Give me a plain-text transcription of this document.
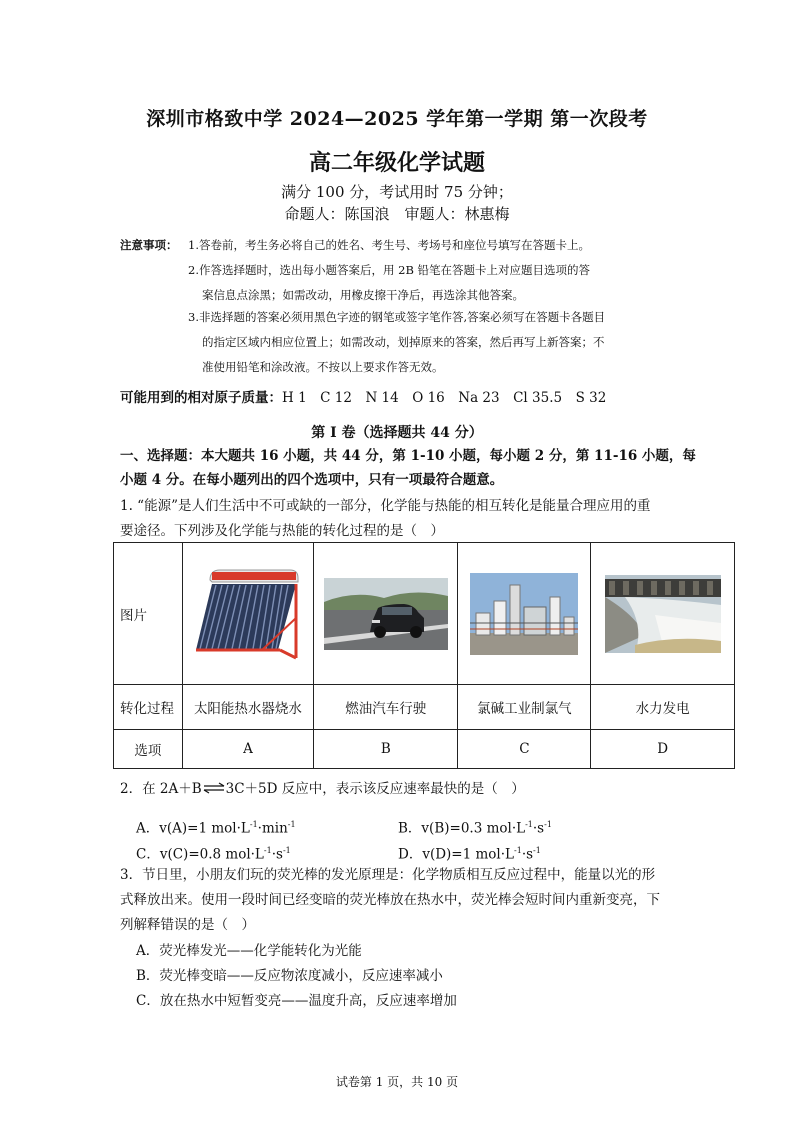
深圳市格致中学 2024—2025 学年第一学期 第一次段考
高二年级化学试题
满分 100 分，考试用时 75 分钟；
命题人：陈国浪　审题人：林惠梅
注意事项： 1.答卷前，考生务必将自己的姓名、考生号、考场号和座位号填写在答题卡上。
2.作答选择题时，选出每小题答案后，用 2B 铅笔在答题卡上对应题目选项的答
案信息点涂黑；如需改动，用橡皮擦干净后，再选涂其他答案。
3.非选择题的答案必须用黑色字迹的钢笔或签字笔作答,答案必须写在答题卡各题目
的指定区域内相应位置上；如需改动，划掉原来的答案，然后再写上新答案；不
准使用铅笔和涂改液。不按以上要求作答无效。
可能用到的相对原子质量：H 1　C 12　N 14　O 16　Na 23　Cl 35.5　S 32
第 I 卷（选择题共 44 分）
一、选择题：本大题共 16 小题，共 44 分，第 1-10 小题，每小题 2 分，第 11-16 小题，每
小题 4 分。在每小题列出的四个选项中，只有一项最符合题意。
1. “能源”是人们生活中不可或缺的一部分，化学能与热能的相互转化是能量合理应用的重
要途径。下列涉及化学能与热能的转化过程的是（　）
图片	

转化过程	太阳能热水器烧水	燃油汽车行驶	氯碱工业制氯气	水力发电
选项	A	B	C	D
2．在 2A＋B⇌3C＋5D 反应中，表示该反应速率最快的是（　）
A．v(A)=1 $mol\cdot L^{-1}\cdot\min^{-1}$	B．v(B)=0.3 $mol\cdot L^{-1}\cdot s^{-1}$
C．v(C)=0.8 $mol\cdot L^{-1}\cdot s^{-1}$	D．v(D)=1 $mol\cdot L^{-1}\cdot s^{-1}$
3．节日里，小朋友们玩的荧光棒的发光原理是：化学物质相互反应过程中，能量以光的形
式释放出来。使用一段时间已经变暗的荧光棒放在热水中，荧光棒会短时间内重新变亮，下
列解释错误的是（　）
A．荧光棒发光——化学能转化为光能
B．荧光棒变暗——反应物浓度减小，反应速率减小
C．放在热水中短暂变亮——温度升高，反应速率增加
试卷第 1 页，共 10 页
